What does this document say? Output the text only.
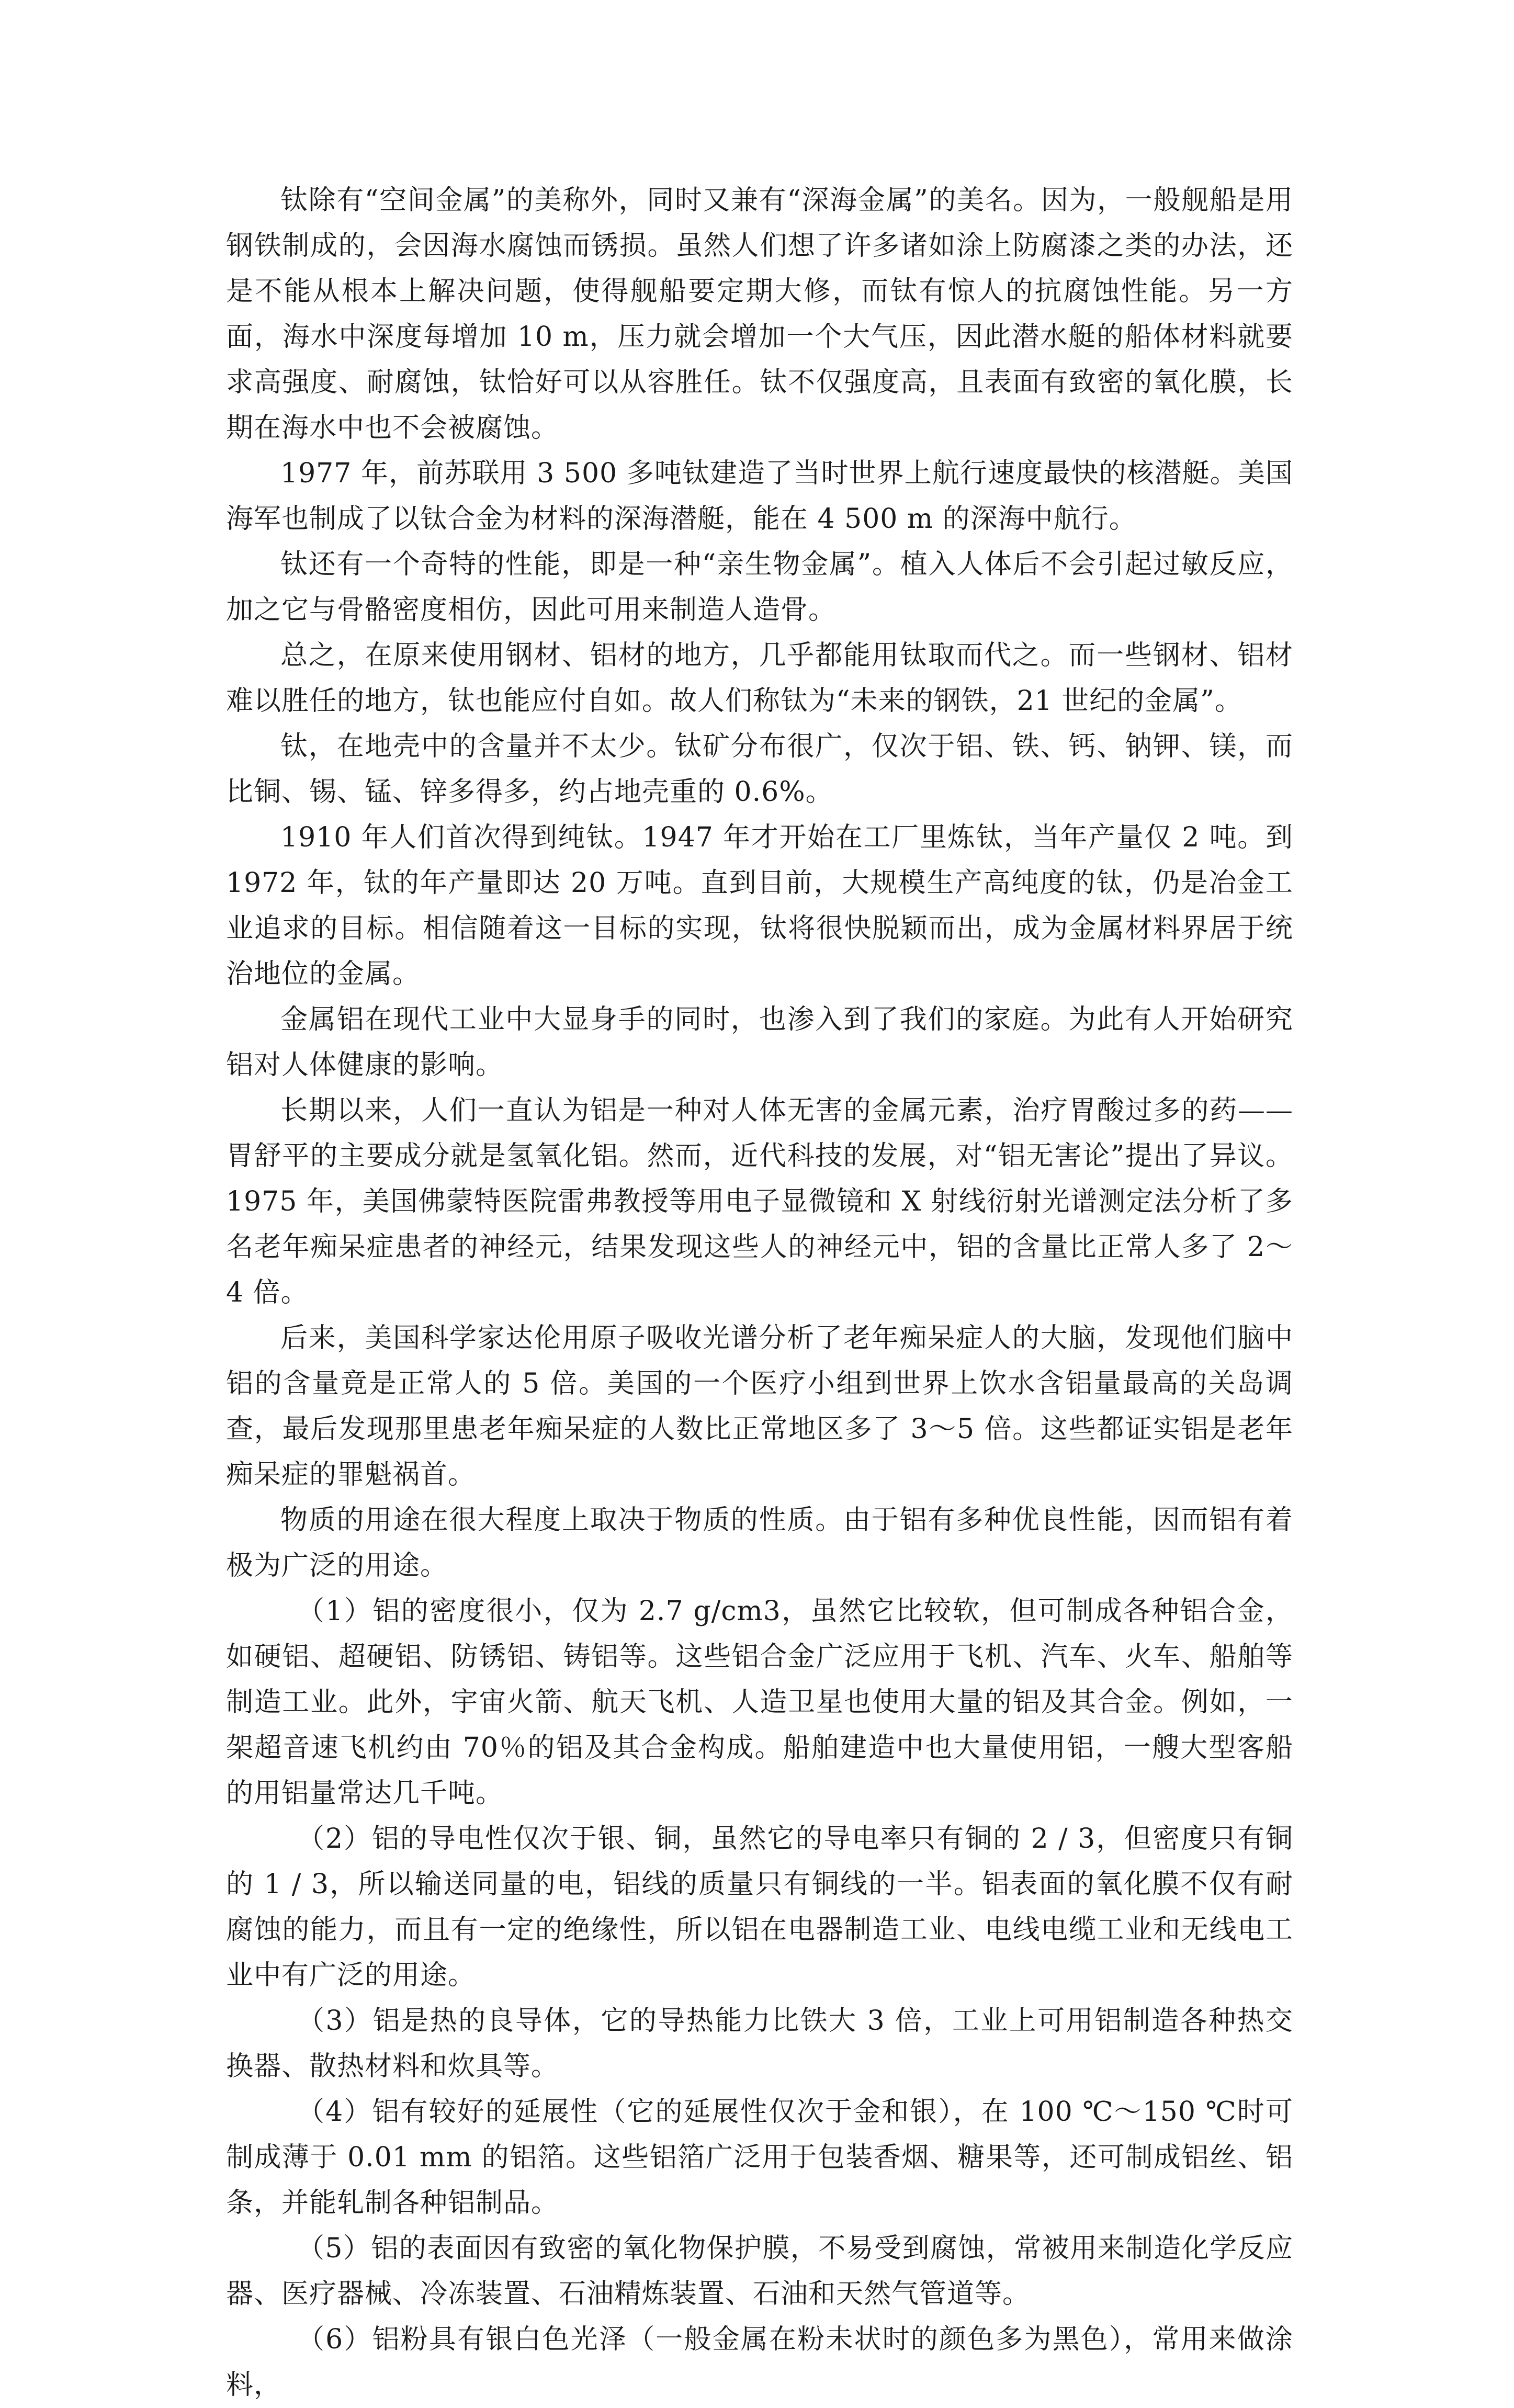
钛除有“空间金属”的美称外，同时又兼有“深海金属”的美名。因为，一般舰船是用钢铁制成的，会因海水腐蚀而锈损。虽然人们想了许多诸如涂上防腐漆之类的办法，还是不能从根本上解决问题，使得舰船要定期大修，而钛有惊人的抗腐蚀性能。另一方面，海水中深度每增加 10 m，压力就会增加一个大气压，因此潜水艇的船体材料就要求高强度、耐腐蚀，钛恰好可以从容胜任。钛不仅强度高，且表面有致密的氧化膜，长期在海水中也不会被腐蚀。

1977 年，前苏联用 3 500 多吨钛建造了当时世界上航行速度最快的核潜艇。美国海军也制成了以钛合金为材料的深海潜艇，能在 4 500 m 的深海中航行。

钛还有一个奇特的性能，即是一种“亲生物金属”。植入人体后不会引起过敏反应，加之它与骨骼密度相仿，因此可用来制造人造骨。

总之，在原来使用钢材、铝材的地方，几乎都能用钛取而代之。而一些钢材、铝材难以胜任的地方，钛也能应付自如。故人们称钛为“未来的钢铁，21 世纪的金属”。

钛，在地壳中的含量并不太少。钛矿分布很广，仅次于铝、铁、钙、钠钾、镁，而比铜、锡、锰、锌多得多，约占地壳重的 0.6%。

1910 年人们首次得到纯钛。1947 年才开始在工厂里炼钛，当年产量仅 2 吨。到 1972 年，钛的年产量即达 20 万吨。直到目前，大规模生产高纯度的钛，仍是冶金工业追求的目标。相信随着这一目标的实现，钛将很快脱颖而出，成为金属材料界居于统治地位的金属。

金属铝在现代工业中大显身手的同时，也渗入到了我们的家庭。为此有人开始研究铝对人体健康的影响。

长期以来，人们一直认为铝是一种对人体无害的金属元素，治疗胃酸过多的药——胃舒平的主要成分就是氢氧化铝。然而，近代科技的发展，对“铝无害论”提出了异议。1975 年，美国佛蒙特医院雷弗教授等用电子显微镜和 X 射线衍射光谱测定法分析了多名老年痴呆症患者的神经元，结果发现这些人的神经元中，铝的含量比正常人多了 2～4 倍。

后来，美国科学家达伦用原子吸收光谱分析了老年痴呆症人的大脑，发现他们脑中铝的含量竟是正常人的 5 倍。美国的一个医疗小组到世界上饮水含铝量最高的关岛调查，最后发现那里患老年痴呆症的人数比正常地区多了 3～5 倍。这些都证实铝是老年痴呆症的罪魁祸首。

物质的用途在很大程度上取决于物质的性质。由于铝有多种优良性能，因而铝有着极为广泛的用途。

（1）铝的密度很小，仅为 2.7 g/cm3，虽然它比较软，但可制成各种铝合金，如硬铝、超硬铝、防锈铝、铸铝等。这些铝合金广泛应用于飞机、汽车、火车、船舶等制造工业。此外，宇宙火箭、航天飞机、人造卫星也使用大量的铝及其合金。例如，一架超音速飞机约由 70％的铝及其合金构成。船舶建造中也大量使用铝，一艘大型客船的用铝量常达几千吨。

（2）铝的导电性仅次于银、铜，虽然它的导电率只有铜的 2 / 3，但密度只有铜的 1 / 3，所以输送同量的电，铝线的质量只有铜线的一半。铝表面的氧化膜不仅有耐腐蚀的能力，而且有一定的绝缘性，所以铝在电器制造工业、电线电缆工业和无线电工业中有广泛的用途。

（3）铝是热的良导体，它的导热能力比铁大 3 倍，工业上可用铝制造各种热交换器、散热材料和炊具等。

（4）铝有较好的延展性（它的延展性仅次于金和银），在 100 ℃～150 ℃时可制成薄于 0.01 mm 的铝箔。这些铝箔广泛用于包装香烟、糖果等，还可制成铝丝、铝条，并能轧制各种铝制品。

（5）铝的表面因有致密的氧化物保护膜，不易受到腐蚀，常被用来制造化学反应器、医疗器械、冷冻装置、石油精炼装置、石油和天然气管道等。

（6）铝粉具有银白色光泽（一般金属在粉未状时的颜色多为黑色），常用来做涂料，
